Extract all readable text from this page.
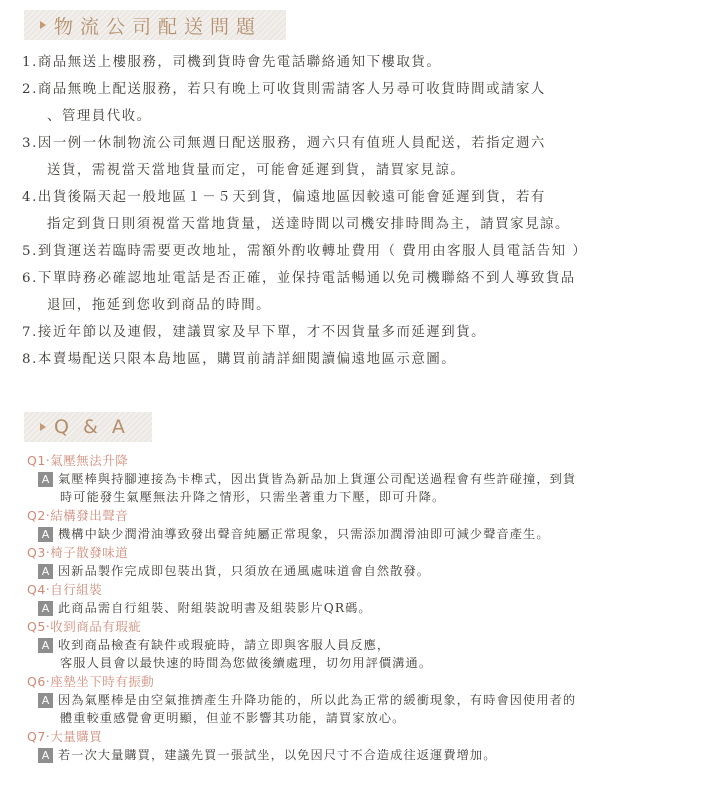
物流公司配送問題
1.商品無送上樓服務，司機到貨時會先電話聯絡通知下樓取貨。
2.商品無晚上配送服務，若只有晚上可收貨則需請客人另尋可收貨時間或請家人
、管理員代收。
3.因一例一休制物流公司無週日配送服務，週六只有值班人員配送，若指定週六
送貨，需視當天當地貨量而定，可能會延遲到貨，請買家見諒。
4.出貨後隔天起一般地區１－５天到貨，偏遠地區因較遠可能會延遲到貨，若有
指定到貨日則須視當天當地貨量，送達時間以司機安排時間為主，請買家見諒。
5.到貨運送若臨時需要更改地址，需額外酌收轉址費用（ 費用由客服人員電話告知 ）
6.下單時務必確認地址電話是否正確，並保持電話暢通以免司機聯絡不到人導致貨品
退回，拖延到您收到商品的時間。
7.接近年節以及連假，建議買家及早下單，才不因貨量多而延遲到貨。
8.本賣場配送只限本島地區，購買前請詳細閱讀偏遠地區示意圖。
Q & A
Q1‧氣壓無法升降
A 氣壓棒與持腳連接為卡榫式，因出貨皆為新品加上貨運公司配送過程會有些許碰撞，到貨
時可能發生氣壓無法升降之情形，只需坐著重力下壓，即可升降。
Q2‧結構發出聲音
A 機構中缺少潤滑油導致發出聲音純屬正常現象，只需添加潤滑油即可減少聲音產生。
Q3‧椅子散發味道
A 因新品製作完成即包裝出貨，只須放在通風處味道會自然散發。
Q4‧自行組裝
A 此商品需自行組裝、附組裝說明書及組裝影片QR碼。
Q5‧收到商品有瑕疵
A 收到商品檢查有缺件或瑕疵時，請立即與客服人員反應，
客服人員會以最快速的時間為您做後續處理，切勿用評價溝通。
Q6‧座墊坐下時有振動
A 因為氣壓棒是由空氣推擠產生升降功能的，所以此為正常的緩衝現象，有時會因使用者的
體重較重感覺會更明顯，但並不影響其功能，請買家放心。
Q7‧大量購買
A 若一次大量購買，建議先買一張試坐，以免因尺寸不合造成往返運費增加。
